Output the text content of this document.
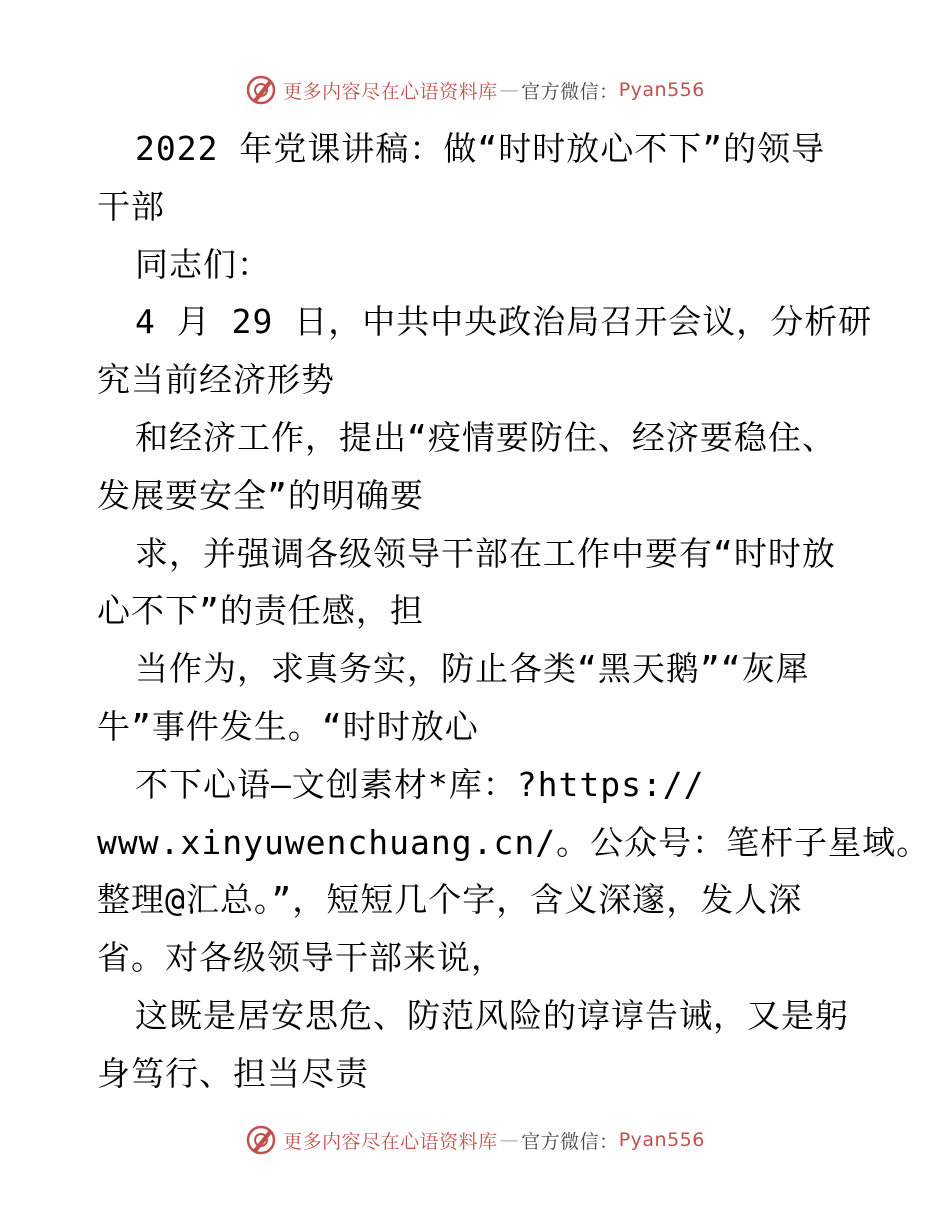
更多内容尽在心语资料库 — 官方微信： Pyan556
2022 年党课讲稿：做“时时放心不下”的领导
干部
同志们：
4 月 29 日，中共中央政治局召开会议，分析研
究当前经济形势
和经济工作，提出“疫情要防住、经济要稳住、
发展要安全”的明确要
求，并强调各级领导干部在工作中要有“时时放
心不下”的责任感，担
当作为，求真务实，防止各类“黑天鹅”“灰犀
牛”事件发生。“时时放心
不下心语—文创素材*库：?https://
www.xinyuwenchuang.cn/。公众号：笔杆子星域。
整理@汇总。”，短短几个字，含义深邃，发人深
省。对各级领导干部来说，
这既是居安思危、防范风险的谆谆告诫，又是躬
身笃行、担当尽责
更多内容尽在心语资料库 — 官方微信： Pyan556
